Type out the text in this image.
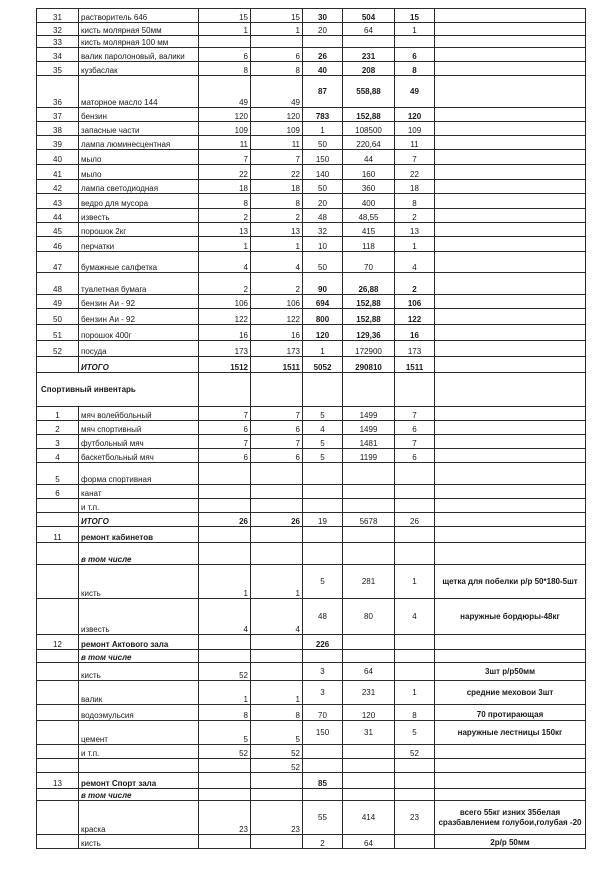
31	растворитель 646	15	15	30	504	15	
32	кисть молярная 50мм	1	1	20	64	1	
33	кисть молярная 100 мм						
34	валик паролоновый, валики	6	6	26	231	6	
35	кузбаслак	8	8	40	208	8	
36	маторное масло 144	49	49	87	558,88	49	
37	бензин	120	120	783	152,88	120	
38	запасные части	109	109	1	108500	109	
39	лампа люминесцентная	11	11	50	220,64	11	
40	мыло	7	7	150	44	7	
41	мыло	22	22	140	160	22	
42	лампа светодиодная	18	18	50	360	18	
43	ведро для мусора	8	8	20	400	8	
44	известь	2	2	48	48,55	2	
45	порошок 2кг	13	13	32	415	13	
46	перчатки	1	1	10	118	1	
47	бумажные салфетка	4	4	50	70	4	
48	туалетная бумага	2	2	90	26,88	2	
49	бензин Аи - 92	106	106	694	152,88	106	
50	бензин Аи - 92	122	122	800	152,88	122	
51	порошок 400г	16	16	120	129,36	16	
52	посуда	173	173	1	172900	173	
	ИТОГО	1512	1511	5052	290810	1511	
Спортивный инвентарь							
1	мяч волейбольный	7	7	5	1499	7	
2	мяч спортивный	6	6	4	1499	6	
3	футбольный мяч	7	7	5	1481	7	
4	баскетбольный мяч	6	6	5	1199	6	
5	форма спортивная						
6	канат						
	и т.п.						
	ИТОГО	26	26	19	5678	26	
11	ремонт кабинетов						
	в том числе						
	кисть	1	1	5	281	1	щетка для побелки р/р 50*180-5шт
	известь	4	4	48	80	4	наружные бордюры-48кг
12	ремонт Актового зала			226			
	в том числе						
	кисть	52		3	64		3шт р/р50мм
	валик	1	1	3	231	1	средние меховои 3шт
	водоэмульсия	8	8	70	120	8	70 протирающая
	цемент	5	5	150	31	5	наружные лестницы 150кг
	и т.п.	52	52			52	
			52				
13	ремонт Спорт зала			85			
	в том числе						
	краска	23	23	55	414	23	всего 55кг изних 35белая сразбавлением голубои,голубая -20
	кисть			2	64		2р/р 50мм
